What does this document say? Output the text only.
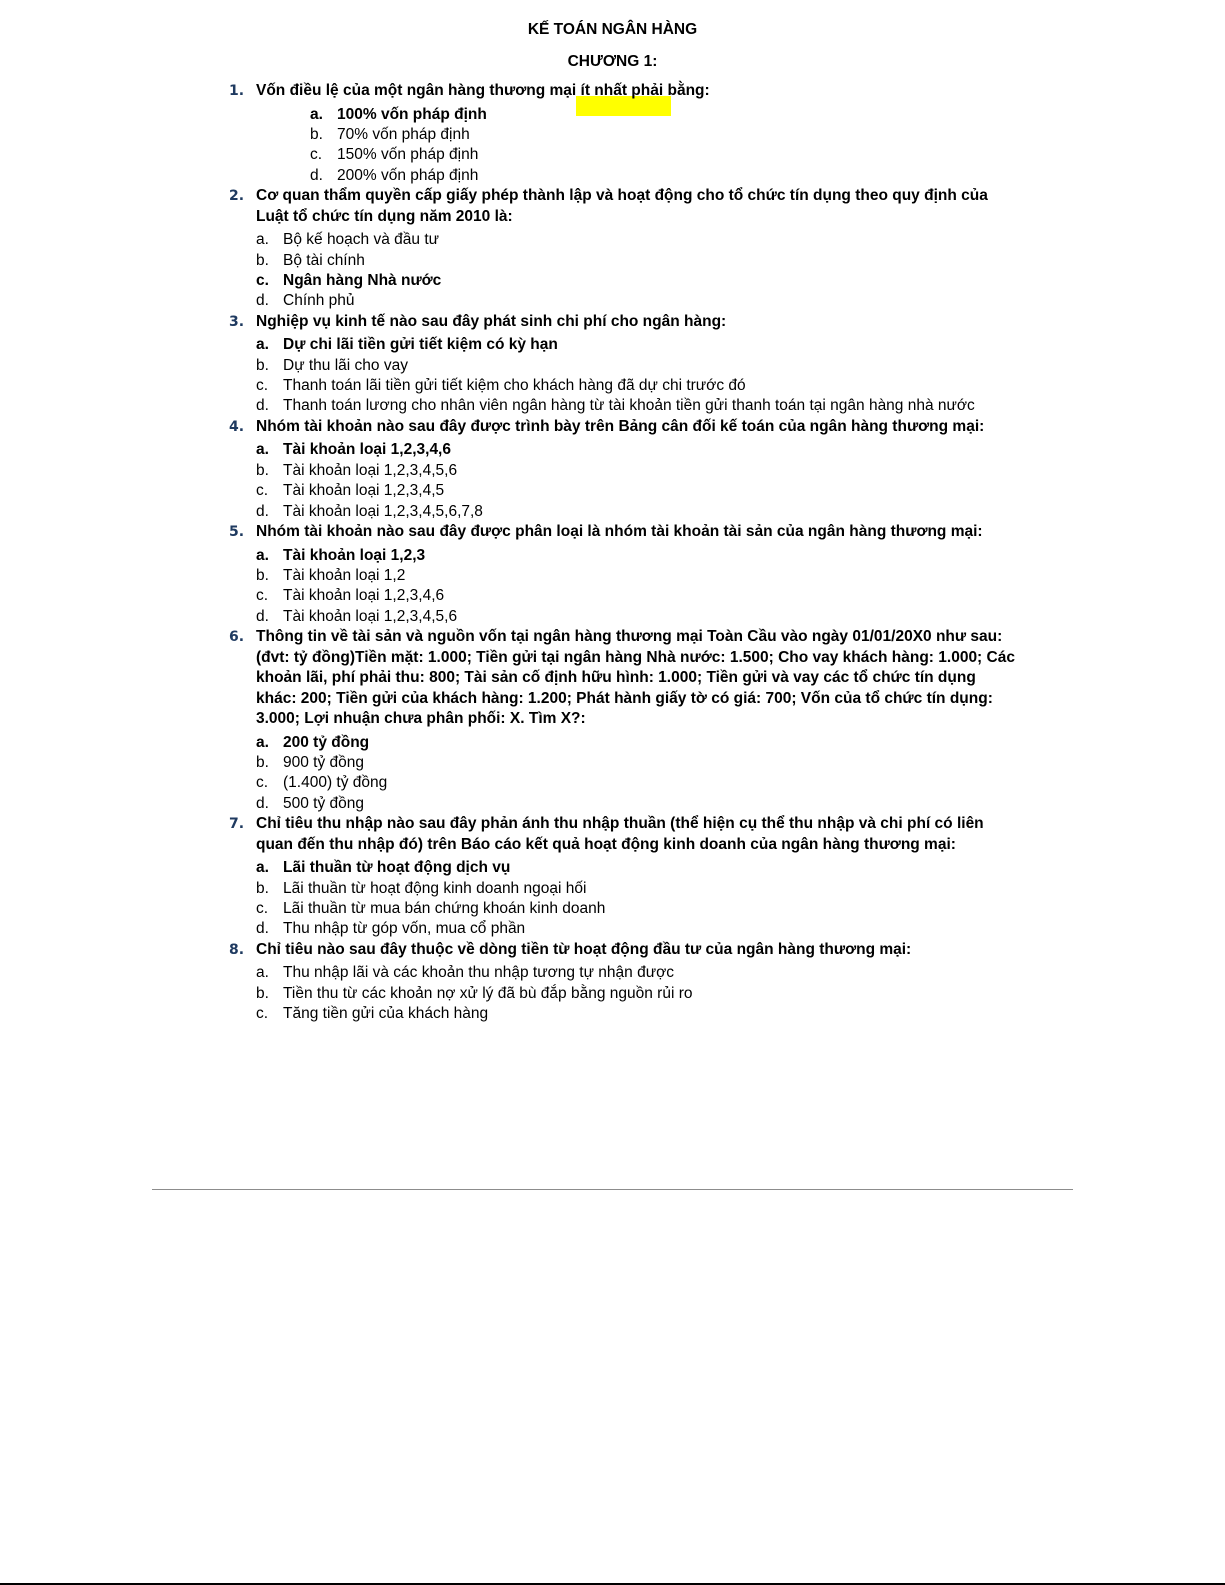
KẾ TOÁN NGÂN HÀNG
CHƯƠNG 1:
1. Vốn điều lệ của một ngân hàng thương mại ít nhất phải bằng:
a. 100% vốn pháp định
b. 70% vốn pháp định
c. 150% vốn pháp định
d. 200% vốn pháp định
2. Cơ quan thẩm quyền cấp giấy phép thành lập và hoạt động cho tổ chức tín dụng theo quy định của Luật tổ chức tín dụng năm 2010 là:
a. Bộ kế hoạch và đầu tư
b. Bộ tài chính
c. Ngân hàng Nhà nước
d. Chính phủ
3. Nghiệp vụ kinh tế nào sau đây phát sinh chi phí cho ngân hàng:
a. Dự chi lãi tiền gửi tiết kiệm có kỳ hạn
b. Dự thu lãi cho vay
c. Thanh toán lãi tiền gửi tiết kiệm cho khách hàng đã dự chi trước đó
d. Thanh toán lương cho nhân viên ngân hàng từ tài khoản tiền gửi thanh toán tại ngân hàng nhà nước
4. Nhóm tài khoản nào sau đây được trình bày trên Bảng cân đối kế toán của ngân hàng thương mại:
a. Tài khoản loại 1,2,3,4,6
b. Tài khoản loại 1,2,3,4,5,6
c. Tài khoản loại 1,2,3,4,5
d. Tài khoản loại 1,2,3,4,5,6,7,8
5. Nhóm tài khoản nào sau đây được phân loại là nhóm tài khoản tài sản của ngân hàng thương mại:
a. Tài khoản loại 1,2,3
b. Tài khoản loại 1,2
c. Tài khoản loại 1,2,3,4,6
d. Tài khoản loại 1,2,3,4,5,6
6. Thông tin về tài sản và nguồn vốn tại ngân hàng thương mại Toàn Cầu vào ngày 01/01/20X0 như sau: (đvt: tỷ đồng)Tiền mặt: 1.000; Tiền gửi tại ngân hàng Nhà nước: 1.500; Cho vay khách hàng: 1.000; Các khoản lãi, phí phải thu: 800; Tài sản cố định hữu hình: 1.000; Tiền gửi và vay các tổ chức tín dụng khác: 200; Tiền gửi của khách hàng: 1.200; Phát hành giấy tờ có giá: 700; Vốn của tổ chức tín dụng: 3.000; Lợi nhuận chưa phân phối: X. Tìm X?:
a. 200 tỷ đồng
b. 900 tỷ đồng
c. (1.400) tỷ đồng
d. 500 tỷ đồng
7. Chỉ tiêu thu nhập nào sau đây phản ánh thu nhập thuần (thể hiện cụ thể thu nhập và chi phí có liên quan đến thu nhập đó) trên Báo cáo kết quả hoạt động kinh doanh của ngân hàng thương mại:
a. Lãi thuần từ hoạt động dịch vụ
b. Lãi thuần từ hoạt động kinh doanh ngoại hối
c. Lãi thuần từ mua bán chứng khoán kinh doanh
d. Thu nhập từ góp vốn, mua cổ phần
8. Chỉ tiêu nào sau đây thuộc về dòng tiền từ hoạt động đầu tư của ngân hàng thương mại:
a. Thu nhập lãi và các khoản thu nhập tương tự nhận được
b. Tiền thu từ các khoản nợ xử lý đã bù đắp bằng nguồn rủi ro
c. Tăng tiền gửi của khách hàng
